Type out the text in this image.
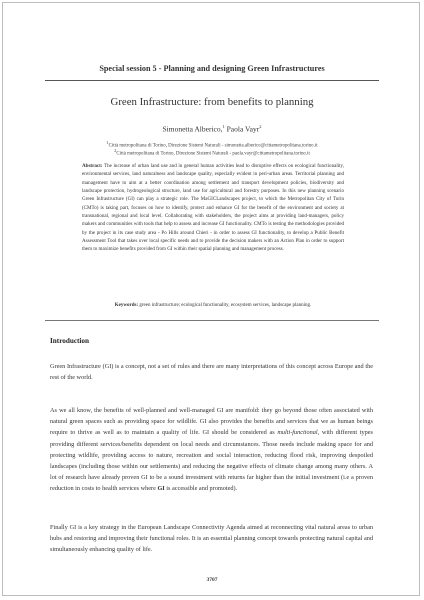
Special session 5 - Planning and designing Green Infrastructures
Green Infrastructure: from benefits to planning
Simonetta Alberico,$^1$ Paola Vayr$^2$
$^1$Città metropolitana di Torino, Direzione Sistemi Naturali - simonetta.alberico@cittametropolitana.torino.it
$^2$Città metropolitana di Torino, Direzione Sistemi Naturali - paola.vayr@cittametropolitana.torino.it
Abstract: The increase of urban land use and in general human activities lead to disruptive effects on ecological functionality, environmental services, land naturalness and landscape quality, especially evident in peri-urban areas. Territorial planning and management have to aim at a better coordination among settlement and transport development policies, biodiversity and landscape protection, hydrogeological structure, land use for agricultural and forestry purposes. In this new planning scenario Green Infrastructure (GI) can play a strategic role. The MaGICLandscapes project, to which the Metropolitan City of Turin (CMTo) is taking part, focuses on how to identify, protect and enhance GI for the benefit of the environment and society at transnational, regional and local level. Collaborating with stakeholders, the project aims at providing land-managers, policy makers and communities with tools that help to assess and increase GI functionality. CMTo is testing the methodologies provided by the project in its case study area - Po Hills around Chieri - in order to assess GI functionality, to develop a Public Benefit Assessment Tool that takes over local specific needs and to provide the decision makers with an Action Plan in order to support them to maximize benefits provided from GI within their spatial planning and management process.
Keywords: green infrastructure; ecological functionality, ecosystem services, landscape planning.
Introduction

Green Infrastructure (GI) is a concept, not a set of rules and there are many interpretations of this concept across Europe and the rest of the world.

As we all know, the benefits of well-planned and well-managed GI are manifold: they go beyond those often associated with natural green spaces such as providing space for wildlife. GI also provides the benefits and services that we as human beings require to thrive as well as to maintain a quality of life. GI should be considered as multi-functional, with different types providing different services/benefits dependent on local needs and circumstances. Those needs include making space for and protecting wildlife, providing access to nature, recreation and social interaction, reducing flood risk, improving despoiled landscapes (including those within our settlements) and reducing the negative effects of climate change among many others. A lot of research have already proven GI to be a sound investment with returns far higher than the initial investment (i.e a proven reduction in costs to health services where GI is accessible and promoted).

Finally GI is a key strategy in the European Landscape Connectivity Agenda aimed at reconnecting vital natural areas to urban hubs and restoring and improving their functional roles. It is an essential planning concept towards protecting natural capital and simultaneously enhancing quality of life.

3707
